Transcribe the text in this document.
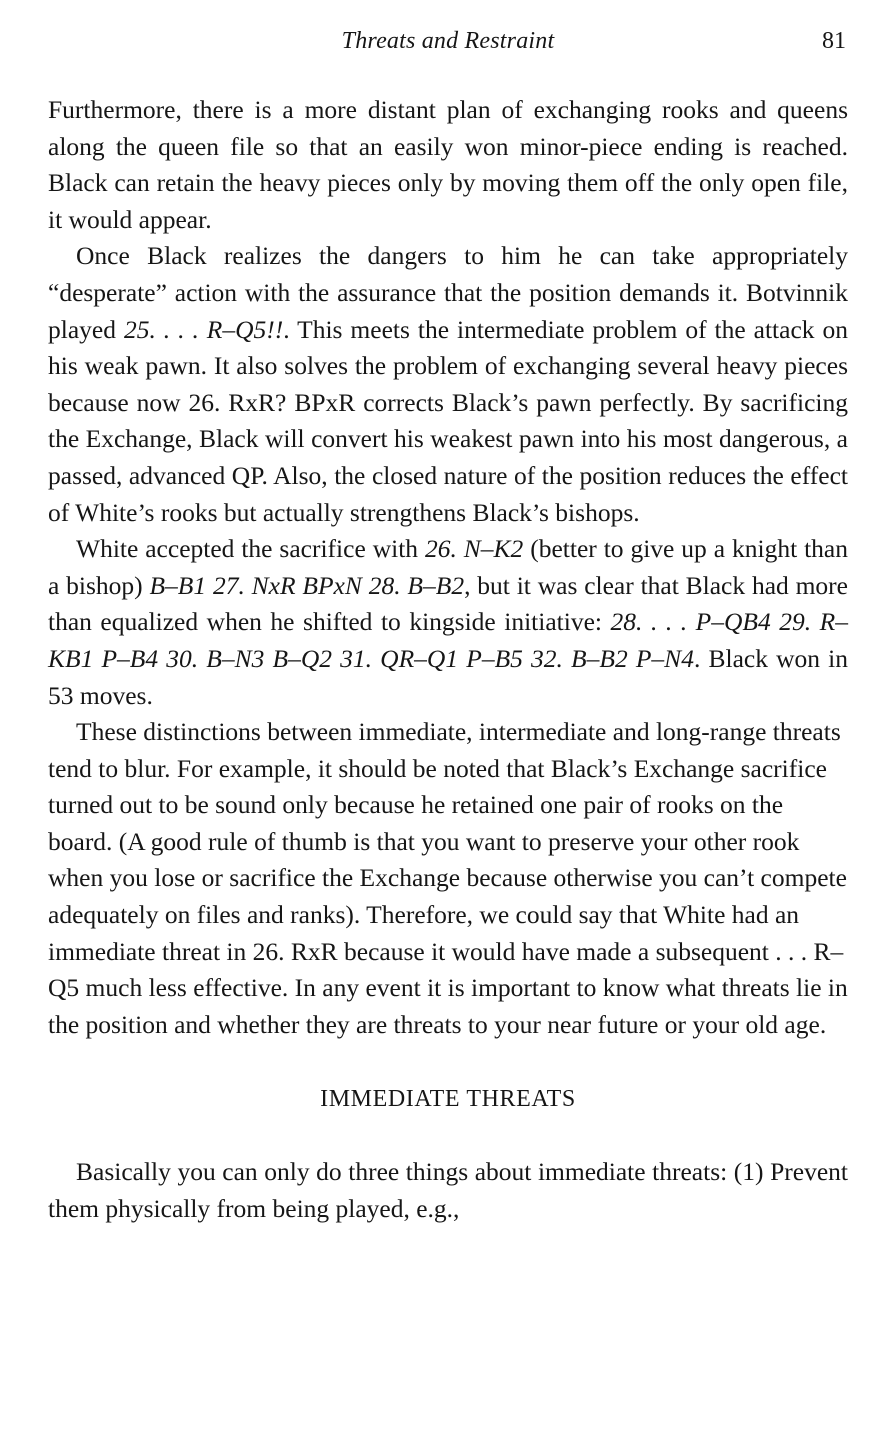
Threats and Restraint	81

Furthermore, there is a more distant plan of exchanging rooks and queens along the queen file so that an easily won minor-piece ending is reached. Black can retain the heavy pieces only by moving them off the only open file, it would appear.

Once Black realizes the dangers to him he can take appropriately “desperate” action with the assurance that the position demands it. Botvinnik played 25. . . . R–Q5!!. This meets the intermediate problem of the attack on his weak pawn. It also solves the problem of exchanging several heavy pieces because now 26. RxR? BPxR corrects Black’s pawn perfectly. By sacrificing the Exchange, Black will convert his weakest pawn into his most dangerous, a passed, advanced QP. Also, the closed nature of the position reduces the effect of White’s rooks but actually strengthens Black’s bishops.

White accepted the sacrifice with 26. N–K2 (better to give up a knight than a bishop) B–B1 27. NxR BPxN 28. B–B2, but it was clear that Black had more than equalized when he shifted to kingside initiative: 28. . . . P–QB4 29. R–KB1 P–B4 30. B–N3 B–Q2 31. QR–Q1 P–B5 32. B–B2 P–N4. Black won in 53 moves.

These distinctions between immediate, intermediate and long-range threats tend to blur. For example, it should be noted that Black’s Exchange sacrifice turned out to be sound only because he retained one pair of rooks on the board. (A good rule of thumb is that you want to preserve your other rook when you lose or sacrifice the Exchange because otherwise you can’t compete adequately on files and ranks). Therefore, we could say that White had an immediate threat in 26. RxR because it would have made a subsequent . . . R–Q5 much less effective. In any event it is important to know what threats lie in the position and whether they are threats to your near future or your old age.

IMMEDIATE THREATS

Basically you can only do three things about immediate threats: (1) Prevent them physically from being played, e.g.,
